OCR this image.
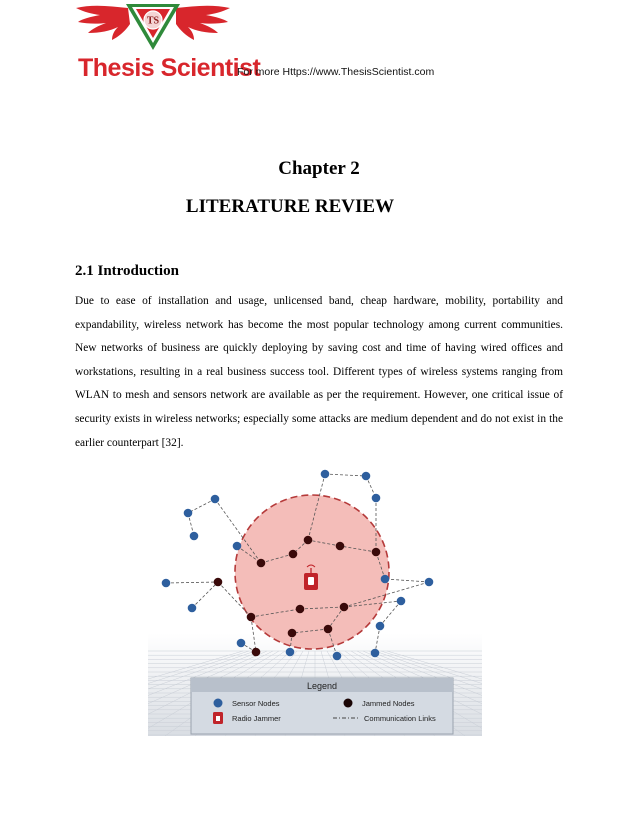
TS
Thesis Scientist
For more Https://www.ThesisScientist.com
Chapter 2
LITERATURE REVIEW
2.1 Introduction

Due to ease of installation and usage, unlicensed band, cheap hardware, mobility, portability and expandability, wireless network has become the most popular technology among current communities. New networks of business are quickly deploying by saving cost and time of having wired offices and workstations, resulting in a real business success tool. Different types of wireless systems ranging from WLAN to mesh and sensors network are available as per the requirement. However, one critical issue of security exists in wireless networks; especially some attacks are medium dependent and do not exist in the earlier counterpart [32].

Legend
Sensor Nodes	Jammed Nodes
Radio Jammer	Communication Links
